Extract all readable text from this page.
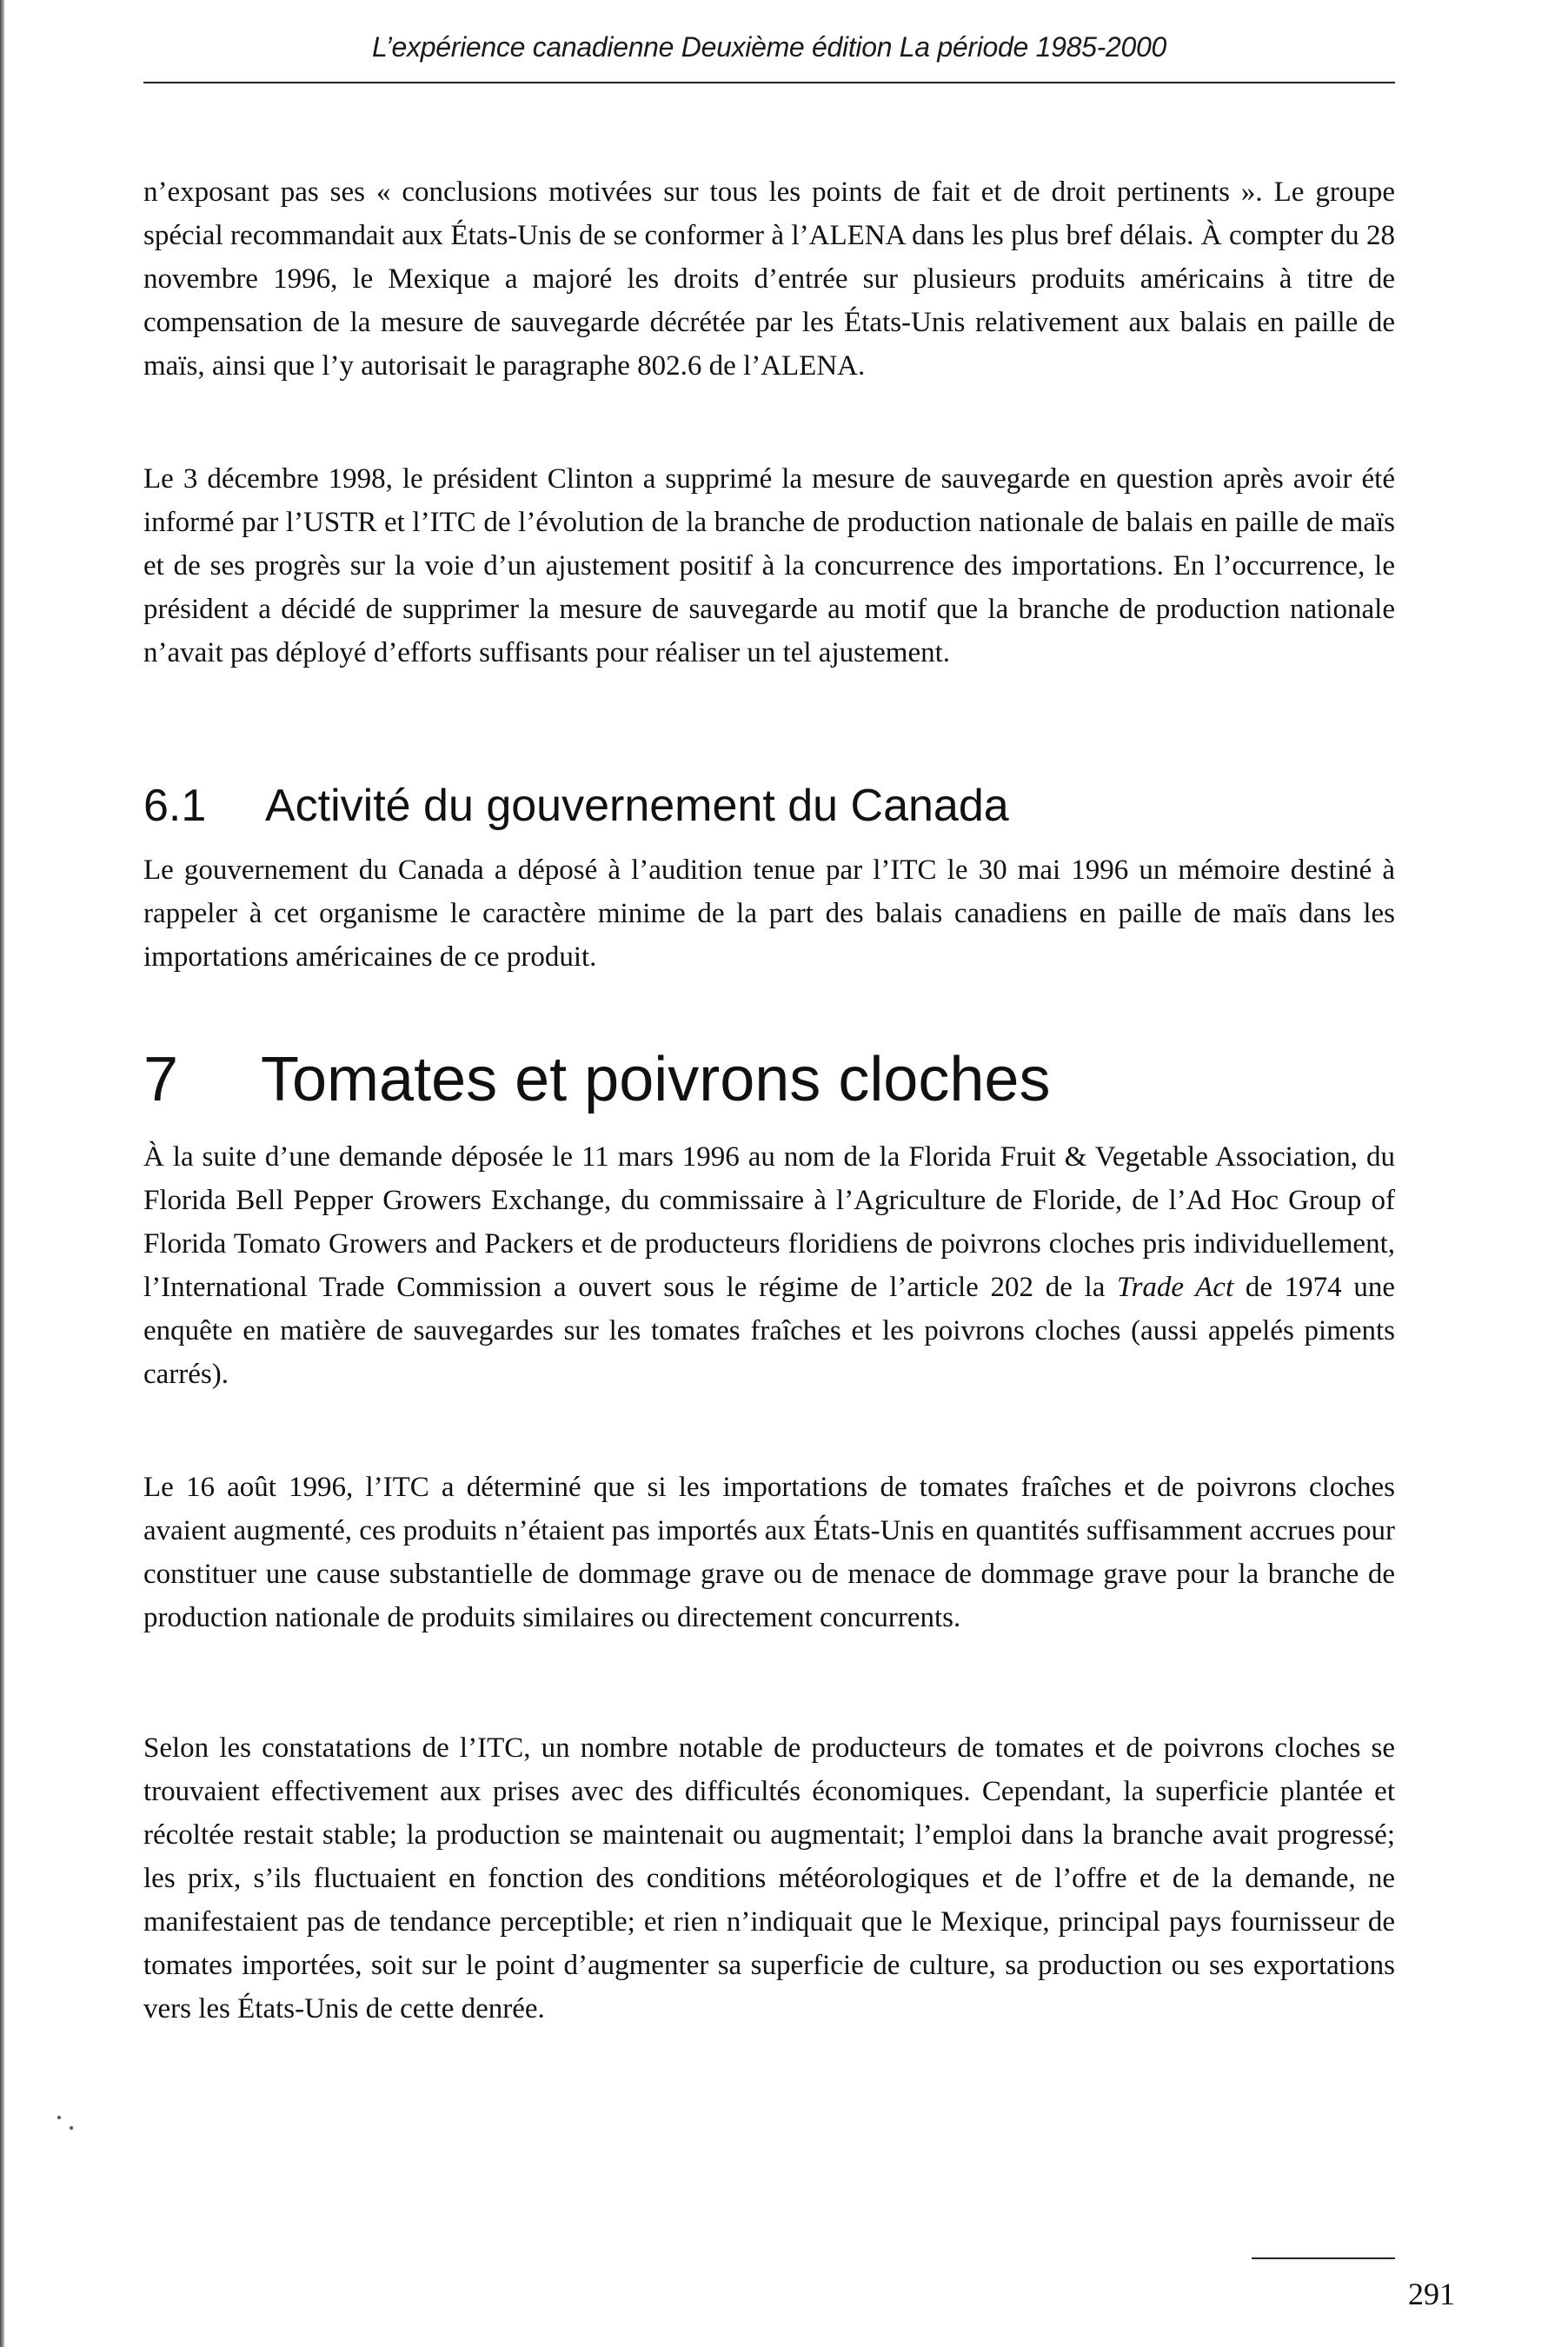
L’expérience canadienne Deuxième édition La période 1985-2000

n’exposant pas ses « conclusions motivées sur tous les points de fait et de droit pertinents ». Le groupe spécial recommandait aux États-Unis de se conformer à l’ALENA dans les plus bref délais. À compter du 28 novembre 1996, le Mexique a majoré les droits d’entrée sur plusieurs produits américains à titre de compensation de la mesure de sauvegarde décrétée par les États-Unis relativement aux balais en paille de maïs, ainsi que l’y autorisait le paragraphe 802.6 de l’ALENA.

Le 3 décembre 1998, le président Clinton a supprimé la mesure de sauvegarde en question après avoir été informé par l’USTR et l’ITC de l’évolution de la branche de production nationale de balais en paille de maïs et de ses progrès sur la voie d’un ajustement positif à la concurrence des importations. En l’occurrence, le président a décidé de supprimer la mesure de sauvegarde au motif que la branche de production nationale n’avait pas déployé d’efforts suffisants pour réaliser un tel ajustement.

6.1 Activité du gouvernement du Canada

Le gouvernement du Canada a déposé à l’audition tenue par l’ITC le 30 mai 1996 un mémoire destiné à rappeler à cet organisme le caractère minime de la part des balais canadiens en paille de maïs dans les importations américaines de ce produit.

7 Tomates et poivrons cloches

À la suite d’une demande déposée le 11 mars 1996 au nom de la Florida Fruit & Vegetable Association, du Florida Bell Pepper Growers Exchange, du commissaire à l’Agriculture de Floride, de l’Ad Hoc Group of Florida Tomato Growers and Packers et de producteurs floridiens de poivrons cloches pris individuellement, l’International Trade Commission a ouvert sous le régime de l’article 202 de la Trade Act de 1974 une enquête en matière de sauvegardes sur les tomates fraîches et les poivrons cloches (aussi appelés piments carrés).

Le 16 août 1996, l’ITC a déterminé que si les importations de tomates fraîches et de poivrons cloches avaient augmenté, ces produits n’étaient pas importés aux États-Unis en quantités suffisamment accrues pour constituer une cause substantielle de dommage grave ou de menace de dommage grave pour la branche de production nationale de produits similaires ou directement concurrents.

Selon les constatations de l’ITC, un nombre notable de producteurs de tomates et de poivrons cloches se trouvaient effectivement aux prises avec des difficultés économiques. Cependant, la superficie plantée et récoltée restait stable; la production se maintenait ou augmentait; l’emploi dans la branche avait progressé; les prix, s’ils fluctuaient en fonction des conditions météorologiques et de l’offre et de la demande, ne manifestaient pas de tendance perceptible; et rien n’indiquait que le Mexique, principal pays fournisseur de tomates importées, soit sur le point d’augmenter sa superficie de culture, sa production ou ses exportations vers les États-Unis de cette denrée.

291
